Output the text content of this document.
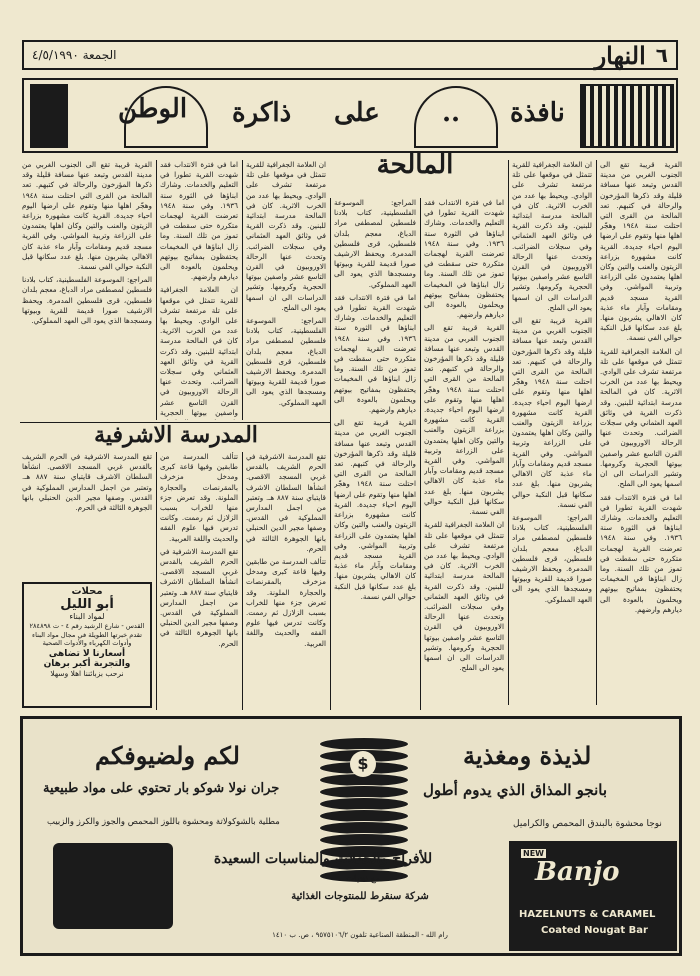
الجمعة ٤/٥/١٩٩٠	النهار ٦
الوطن ذاكرة على .. نافذة
المالحة	القرية قريبة تقع الى الجنوب الغربي من مدينة القدس وتبعد عنها مسافة قليلة وقد ذكرها المؤرخون والرحالة في كتبهم. تعد المالحة من القرى التي احتلت سنة ١٩٤٨ وهجّر اهلها منها وتقوم على ارضها اليوم احياء جديدة. القرية كانت مشهورة بزراعة الزيتون والعنب والتين وكان اهلها يعتمدون على الزراعة وتربية المواشي. وفي القرية مسجد قديم ومقامات وآبار ماء عذبة كان الاهالي يشربون منها. بلغ عدد سكانها قبل النكبة حوالي الفي نسمة.

ان العلامة الجغرافية للقرية تتمثل في موقعها على تلة مرتفعة تشرف على الوادي. ويحيط بها عدد من الخرب الاثرية. كان في المالحة مدرسة ابتدائية للبنين. وقد ذكرت القرية في وثائق العهد العثماني وفي سجلات الضرائب. وتحدث عنها الرحالة الاوروبيون في القرن التاسع عشر واصفين بيوتها الحجرية وكرومها. وتشير الدراسات الى ان اسمها يعود الى الملح.

اما في فترة الانتداب فقد شهدت القرية تطورا في التعليم والخدمات. وشارك ابناؤها في الثورة سنة ١٩٣٦. وفي سنة ١٩٤٨ تعرضت القرية لهجمات متكررة حتى سقطت في تموز من تلك السنة. وما زال ابناؤها في المخيمات يحتفظون بمفاتيح بيوتهم ويحلمون بالعودة الى ديارهم وارضهم.

ان العلامة الجغرافية للقرية تتمثل في موقعها على تلة مرتفعة تشرف على الوادي. ويحيط بها عدد من الخرب الاثرية. كان في المالحة مدرسة ابتدائية للبنين. وقد ذكرت القرية في وثائق العهد العثماني وفي سجلات الضرائب. وتحدث عنها الرحالة الاوروبيون في القرن التاسع عشر واصفين بيوتها الحجرية وكرومها. وتشير الدراسات الى ان اسمها يعود الى الملح.

القرية قريبة تقع الى الجنوب الغربي من مدينة القدس وتبعد عنها مسافة قليلة وقد ذكرها المؤرخون والرحالة في كتبهم. تعد المالحة من القرى التي احتلت سنة ١٩٤٨ وهجّر اهلها منها وتقوم على ارضها اليوم احياء جديدة. القرية كانت مشهورة بزراعة الزيتون والعنب والتين وكان اهلها يعتمدون على الزراعة وتربية المواشي. وفي القرية مسجد قديم ومقامات وآبار ماء عذبة كان الاهالي يشربون منها. بلغ عدد سكانها قبل النكبة حوالي الفي نسمة.

المراجع: الموسوعة الفلسطينية، كتاب بلادنا فلسطين لمصطفى مراد الدباغ، معجم بلدان فلسطين، قرى فلسطين المدمرة. ويحفظ الارشيف صورا قديمة للقرية وبيوتها ومسجدها الذي يعود الى العهد المملوكي.

اما في فترة الانتداب فقد شهدت القرية تطورا في التعليم والخدمات. وشارك ابناؤها في الثورة سنة ١٩٣٦. وفي سنة ١٩٤٨ تعرضت القرية لهجمات متكررة حتى سقطت في تموز من تلك السنة. وما زال ابناؤها في المخيمات يحتفظون بمفاتيح بيوتهم ويحلمون بالعودة الى ديارهم وارضهم.

القرية قريبة تقع الى الجنوب الغربي من مدينة القدس وتبعد عنها مسافة قليلة وقد ذكرها المؤرخون والرحالة في كتبهم. تعد المالحة من القرى التي احتلت سنة ١٩٤٨ وهجّر اهلها منها وتقوم على ارضها اليوم احياء جديدة. القرية كانت مشهورة بزراعة الزيتون والعنب والتين وكان اهلها يعتمدون على الزراعة وتربية المواشي. وفي القرية مسجد قديم ومقامات وآبار ماء عذبة كان الاهالي يشربون منها. بلغ عدد سكانها قبل النكبة حوالي الفي نسمة.

ان العلامة الجغرافية للقرية تتمثل في موقعها على تلة مرتفعة تشرف على الوادي. ويحيط بها عدد من الخرب الاثرية. كان في المالحة مدرسة ابتدائية للبنين. وقد ذكرت القرية في وثائق العهد العثماني وفي سجلات الضرائب. وتحدث عنها الرحالة الاوروبيون في القرن التاسع عشر واصفين بيوتها الحجرية وكرومها. وتشير الدراسات الى ان اسمها يعود الى الملح.

المراجع: الموسوعة الفلسطينية، كتاب بلادنا فلسطين لمصطفى مراد الدباغ، معجم بلدان فلسطين، قرى فلسطين المدمرة. ويحفظ الارشيف صورا قديمة للقرية وبيوتها ومسجدها الذي يعود الى العهد المملوكي.

اما في فترة الانتداب فقد شهدت القرية تطورا في التعليم والخدمات. وشارك ابناؤها في الثورة سنة ١٩٣٦. وفي سنة ١٩٤٨ تعرضت القرية لهجمات متكررة حتى سقطت في تموز من تلك السنة. وما زال ابناؤها في المخيمات يحتفظون بمفاتيح بيوتهم ويحلمون بالعودة الى ديارهم وارضهم.

القرية قريبة تقع الى الجنوب الغربي من مدينة القدس وتبعد عنها مسافة قليلة وقد ذكرها المؤرخون والرحالة في كتبهم. تعد المالحة من القرى التي احتلت سنة ١٩٤٨ وهجّر اهلها منها وتقوم على ارضها اليوم احياء جديدة. القرية كانت مشهورة بزراعة الزيتون والعنب والتين وكان اهلها يعتمدون على الزراعة وتربية المواشي. وفي القرية مسجد قديم ومقامات وآبار ماء عذبة كان الاهالي يشربون منها. بلغ عدد سكانها قبل النكبة حوالي الفي نسمة.

ان العلامة الجغرافية للقرية تتمثل في موقعها على تلة مرتفعة تشرف على الوادي. ويحيط بها عدد من الخرب الاثرية. كان في المالحة مدرسة ابتدائية للبنين. وقد ذكرت القرية في وثائق العهد العثماني وفي سجلات الضرائب. وتحدث عنها الرحالة الاوروبيون في القرن التاسع عشر واصفين بيوتها الحجرية وكرومها. وتشير الدراسات الى ان اسمها يعود الى الملح.

المراجع: الموسوعة الفلسطينية، كتاب بلادنا فلسطين لمصطفى مراد الدباغ، معجم بلدان فلسطين، قرى فلسطين المدمرة. ويحفظ الارشيف صورا قديمة للقرية وبيوتها ومسجدها الذي يعود الى العهد المملوكي.

اما في فترة الانتداب فقد شهدت القرية تطورا في التعليم والخدمات. وشارك ابناؤها في الثورة سنة ١٩٣٦. وفي سنة ١٩٤٨ تعرضت القرية لهجمات متكررة حتى سقطت في تموز من تلك السنة. وما زال ابناؤها في المخيمات يحتفظون بمفاتيح بيوتهم ويحلمون بالعودة الى ديارهم وارضهم.

ان العلامة الجغرافية للقرية تتمثل في موقعها على تلة مرتفعة تشرف على الوادي. ويحيط بها عدد من الخرب الاثرية. كان في المالحة مدرسة ابتدائية للبنين. وقد ذكرت القرية في وثائق العهد العثماني وفي سجلات الضرائب. وتحدث عنها الرحالة الاوروبيون في القرن التاسع عشر واصفين بيوتها الحجرية

القرية قريبة تقع الى الجنوب الغربي من مدينة القدس وتبعد عنها مسافة قليلة وقد ذكرها المؤرخون والرحالة في كتبهم. تعد المالحة من القرى التي احتلت سنة ١٩٤٨ وهجّر اهلها منها وتقوم على ارضها اليوم احياء جديدة. القرية كانت مشهورة بزراعة الزيتون والعنب والتين وكان اهلها يعتمدون على الزراعة وتربية المواشي. وفي القرية مسجد قديم ومقامات وآبار ماء عذبة كان الاهالي يشربون منها. بلغ عدد سكانها قبل النكبة حوالي الفي نسمة.

المراجع: الموسوعة الفلسطينية، كتاب بلادنا فلسطين لمصطفى مراد الدباغ، معجم بلدان فلسطين، قرى فلسطين المدمرة. ويحفظ الارشيف صورا قديمة للقرية وبيوتها ومسجدها الذي يعود الى العهد المملوكي.

المدرسة الاشرفية

تقع المدرسة الاشرفية في الحرم الشريف بالقدس غربي المسجد الاقصى. انشأها السلطان الاشرف قايتباي سنة ٨٨٧ هـ. وتعتبر من اجمل المدارس المملوكية في القدس. وصفها مجير الدين الحنبلي بانها الجوهرة الثالثة في الحرم.

تتألف المدرسة من طابقين وفيها قاعة كبرى ومدخل مزخرف بالمقرنصات والحجارة الملونة. وقد تعرض جزء منها للخراب بسبب الزلازل ثم رممت. وكانت تدرس فيها علوم الفقه والحديث واللغة العربية.

تتألف المدرسة من طابقين وفيها قاعة كبرى ومدخل مزخرف بالمقرنصات والحجارة الملونة. وقد تعرض جزء منها للخراب بسبب الزلازل ثم رممت. وكانت تدرس فيها علوم الفقه والحديث واللغة العربية.

تقع المدرسة الاشرفية في الحرم الشريف بالقدس غربي المسجد الاقصى. انشأها السلطان الاشرف قايتباي سنة ٨٨٧ هـ. وتعتبر من اجمل المدارس المملوكية في القدس. وصفها مجير الدين الحنبلي بانها الجوهرة الثالثة في الحرم.

تقع المدرسة الاشرفية في الحرم الشريف بالقدس غربي المسجد الاقصى. انشأها السلطان الاشرف قايتباي سنة ٨٨٧ هـ. وتعتبر من اجمل المدارس المملوكية في القدس. وصفها مجير الدين الحنبلي بانها الجوهرة الثالثة في الحرم.

محلات
أبو الليل
لمواد البناء
القدس - شارع الرشيد رقم ٤ - ت ٢٨٤٨٩٨
تقدم خبرتها الطويلة في مجال مواد البناء وأدوات الكهرباء والأدوات الصحية
أسعارنا لا تضاهى
والتجربة أكبر برهان
نرحب بزبائننا اهلا وسهلا
لذيذة ومغذية
بانجو المذاق الذي يدوم أطول
نوجا محشوة بالبندق المحمص والكراميل
NEW
Banjo
HAZELNUTS & CARAMEL
Coated Nougat Bar
$
مع تحيات
شركة سنقرط للمنتوجات الغذائية
رام الله - المنطقة الصناعية تلفون ٩٥٧٥١٠٦/٢ ، ص. ب ١٤١٠
لكم ولضيوفكم
جران نولا شوكو بار تحتوي على مواد طبيعية
مطلية بالشوكولاتة ومحشوة باللوز المحمص والجوز والكرز والزبيب
للأفراح والحفلات والمناسبات السعيدة
